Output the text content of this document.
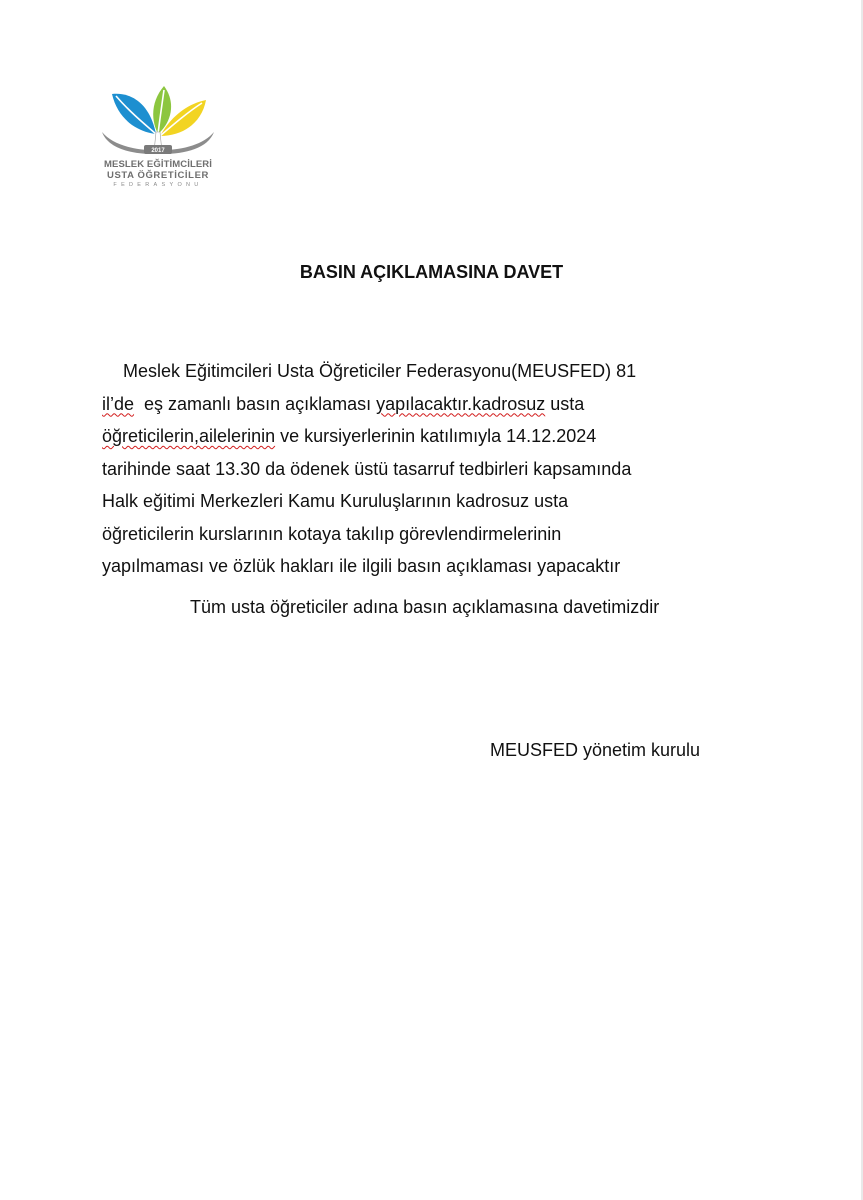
2017
MESLEK EĞİTİMCİLERİ
USTA ÖĞRETİCİLER
FEDERASYONU
BASIN AÇIKLAMASINA DAVET
Meslek Eğitimcileri Usta Öğreticiler Federasyonu(MEUSFED) 81
il’de  eş zamanlı basın açıklaması yapılacaktır.kadrosuz usta
öğreticilerin,ailelerinin ve kursiyerlerinin katılımıyla 14.12.2024
tarihinde saat 13.30 da ödenek üstü tasarruf tedbirleri kapsamında
Halk eğitimi Merkezleri Kamu Kuruluşlarının kadrosuz usta
öğreticilerin kurslarının kotaya takılıp görevlendirmelerinin
yapılmaması ve özlük hakları ile ilgili basın açıklaması yapacaktır
Tüm usta öğreticiler adına basın açıklamasına davetimizdir
MEUSFED yönetim kurulu
